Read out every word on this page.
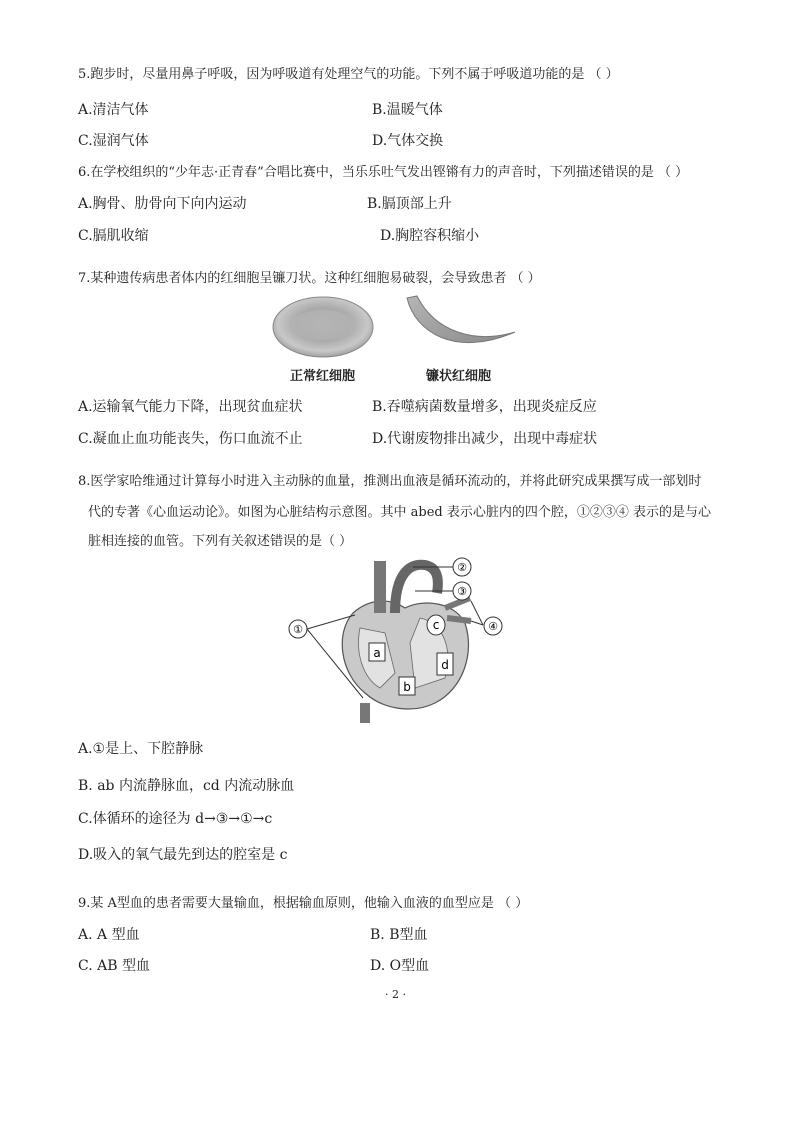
5.跑步时，尽量用鼻子呼吸，因为呼吸道有处理空气的功能。下列不属于呼吸道功能的是 （ ）
A.清洁气体	B.温暖气体
C.湿润气体	D.气体交换
6.在学校组织的“少年志·正青春”合唱比赛中，当乐乐吐气发出铿锵有力的声音时，下列描述错误的是 （ ）
A.胸骨、肋骨向下向内运动	B.膈顶部上升
C.膈肌收缩	D.胸腔容积缩小
7.某种遗传病患者体内的红细胞呈镰刀状。这种红细胞易破裂，会导致患者 （ ）
正常红细胞	镰状红细胞
A.运输氧气能力下降，出现贫血症状	B.吞噬病菌数量增多，出现炎症反应
C.凝血止血功能丧失，伤口血流不止	D.代谢废物排出减少，出现中毒症状
8.医学家哈维通过计算每小时进入主动脉的血量，推测出血液是循环流动的，并将此研究成果撰写成一部划时
代的专著《心血运动论》。如图为心脏结构示意图。其中 abed 表示心脏内的四个腔，①②③④ 表示的是与心
脏相连接的血管。下列有关叙述错误的是（ ）
a
b
c
d
①
②
③
④
A.①是上、下腔静脉
B. ab 内流静脉血，cd 内流动脉血
C.体循环的途径为 d→③→①→c
D.吸入的氧气最先到达的腔室是 c
9.某 A型血的患者需要大量输血，根据输血原则，他输入血液的血型应是 （ ）
A. A 型血	B. B型血
C. AB 型血	D. O型血
· 2 ·
